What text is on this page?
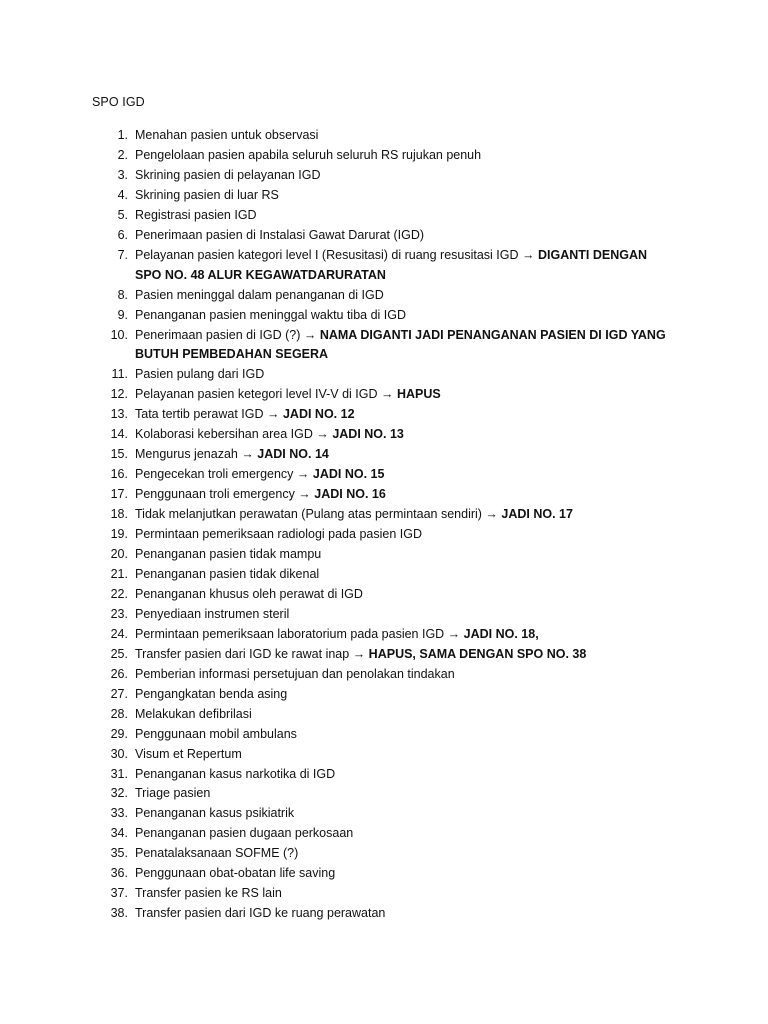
SPO IGD
1. Menahan pasien untuk observasi
2. Pengelolaan pasien apabila seluruh seluruh RS rujukan penuh
3. Skrining pasien di pelayanan IGD
4. Skrining pasien di luar RS
5. Registrasi pasien IGD
6. Penerimaan pasien di Instalasi Gawat Darurat (IGD)
7. Pelayanan pasien kategori level I (Resusitasi) di ruang resusitasi IGD → DIGANTI DENGAN SPO NO. 48 ALUR KEGAWATDARURATAN
8. Pasien meninggal dalam penanganan di IGD
9. Penanganan pasien meninggal waktu tiba di IGD
10. Penerimaan pasien di IGD (?) → NAMA DIGANTI JADI PENANGANAN PASIEN DI IGD YANG BUTUH PEMBEDAHAN SEGERA
11. Pasien pulang dari IGD
12. Pelayanan pasien ketegori level IV-V di IGD → HAPUS
13. Tata tertib perawat IGD → JADI NO. 12
14. Kolaborasi kebersihan area IGD → JADI NO. 13
15. Mengurus jenazah → JADI NO. 14
16. Pengecekan troli emergency → JADI NO. 15
17. Penggunaan troli emergency → JADI NO. 16
18. Tidak melanjutkan perawatan (Pulang atas permintaan sendiri) → JADI NO. 17
19. Permintaan pemeriksaan radiologi pada pasien IGD
20. Penanganan pasien tidak mampu
21. Penanganan pasien tidak dikenal
22. Penanganan khusus oleh perawat di IGD
23. Penyediaan instrumen steril
24. Permintaan pemeriksaan laboratorium pada pasien IGD → JADI NO. 18,
25. Transfer pasien dari IGD ke rawat inap → HAPUS, SAMA DENGAN SPO NO. 38
26. Pemberian informasi persetujuan dan penolakan tindakan
27. Pengangkatan benda asing
28. Melakukan defibrilasi
29. Penggunaan mobil ambulans
30. Visum et Repertum
31. Penanganan kasus narkotika di IGD
32. Triage pasien
33. Penanganan kasus psikiatrik
34. Penanganan pasien dugaan perkosaan
35. Penatalaksanaan SOFME (?)
36. Penggunaan obat-obatan life saving
37. Transfer pasien ke RS lain
38. Transfer pasien dari IGD ke ruang perawatan
